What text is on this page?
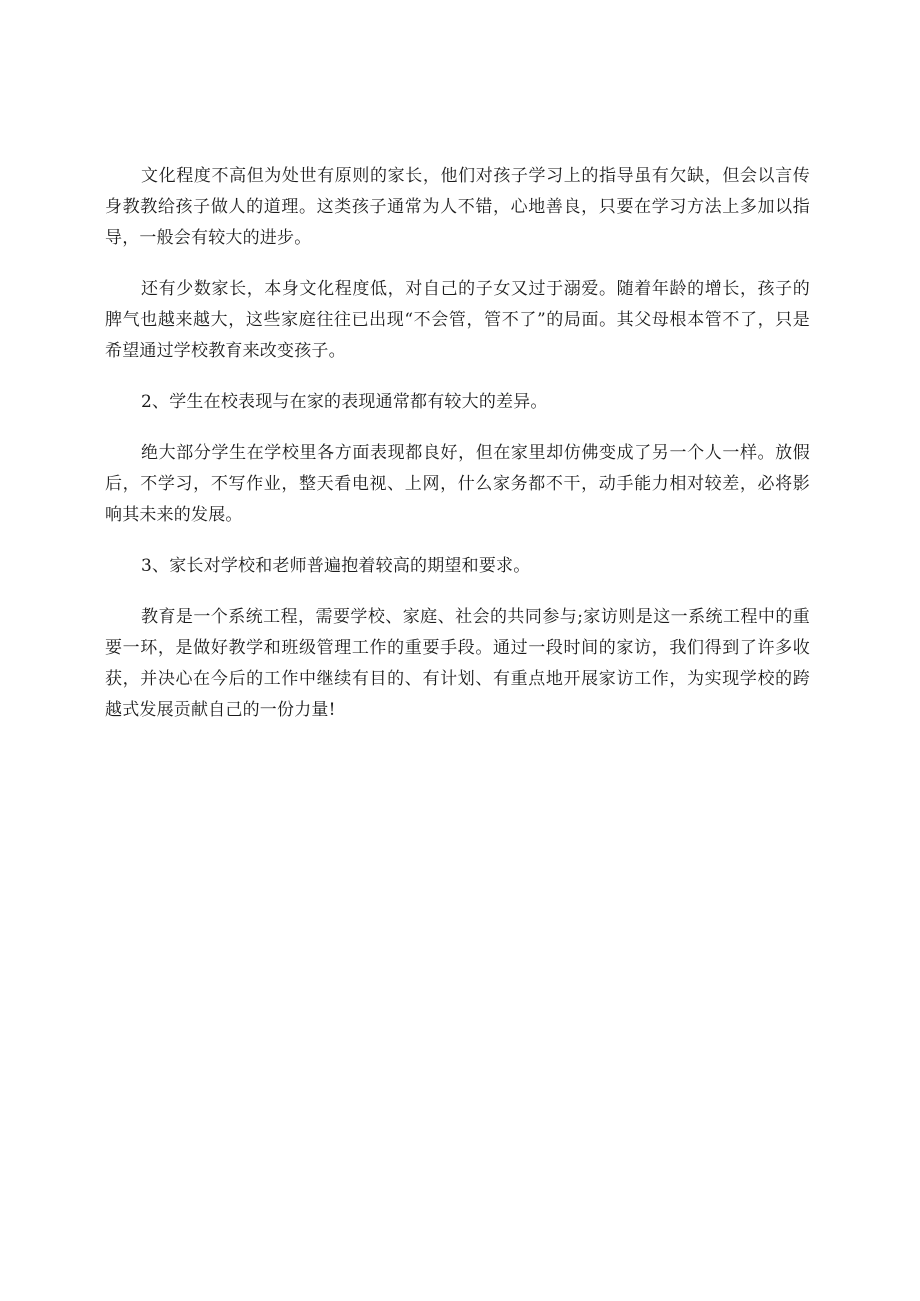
文化程度不高但为处世有原则的家长，他们对孩子学习上的指导虽有欠缺，但会以言传身教教给孩子做人的道理。这类孩子通常为人不错，心地善良，只要在学习方法上多加以指导，一般会有较大的进步。

还有少数家长，本身文化程度低，对自己的子女又过于溺爱。随着年龄的增长，孩子的脾气也越来越大，这些家庭往往已出现“不会管，管不了”的局面。其父母根本管不了，只是希望通过学校教育来改变孩子。

2、学生在校表现与在家的表现通常都有较大的差异。

绝大部分学生在学校里各方面表现都良好，但在家里却仿佛变成了另一个人一样。放假后，不学习，不写作业，整天看电视、上网，什么家务都不干，动手能力相对较差，必将影响其未来的发展。

3、家长对学校和老师普遍抱着较高的期望和要求。

教育是一个系统工程，需要学校、家庭、社会的共同参与;家访则是这一系统工程中的重要一环，是做好教学和班级管理工作的重要手段。通过一段时间的家访，我们得到了许多收获，并决心在今后的工作中继续有目的、有计划、有重点地开展家访工作，为实现学校的跨越式发展贡献自己的一份力量!
